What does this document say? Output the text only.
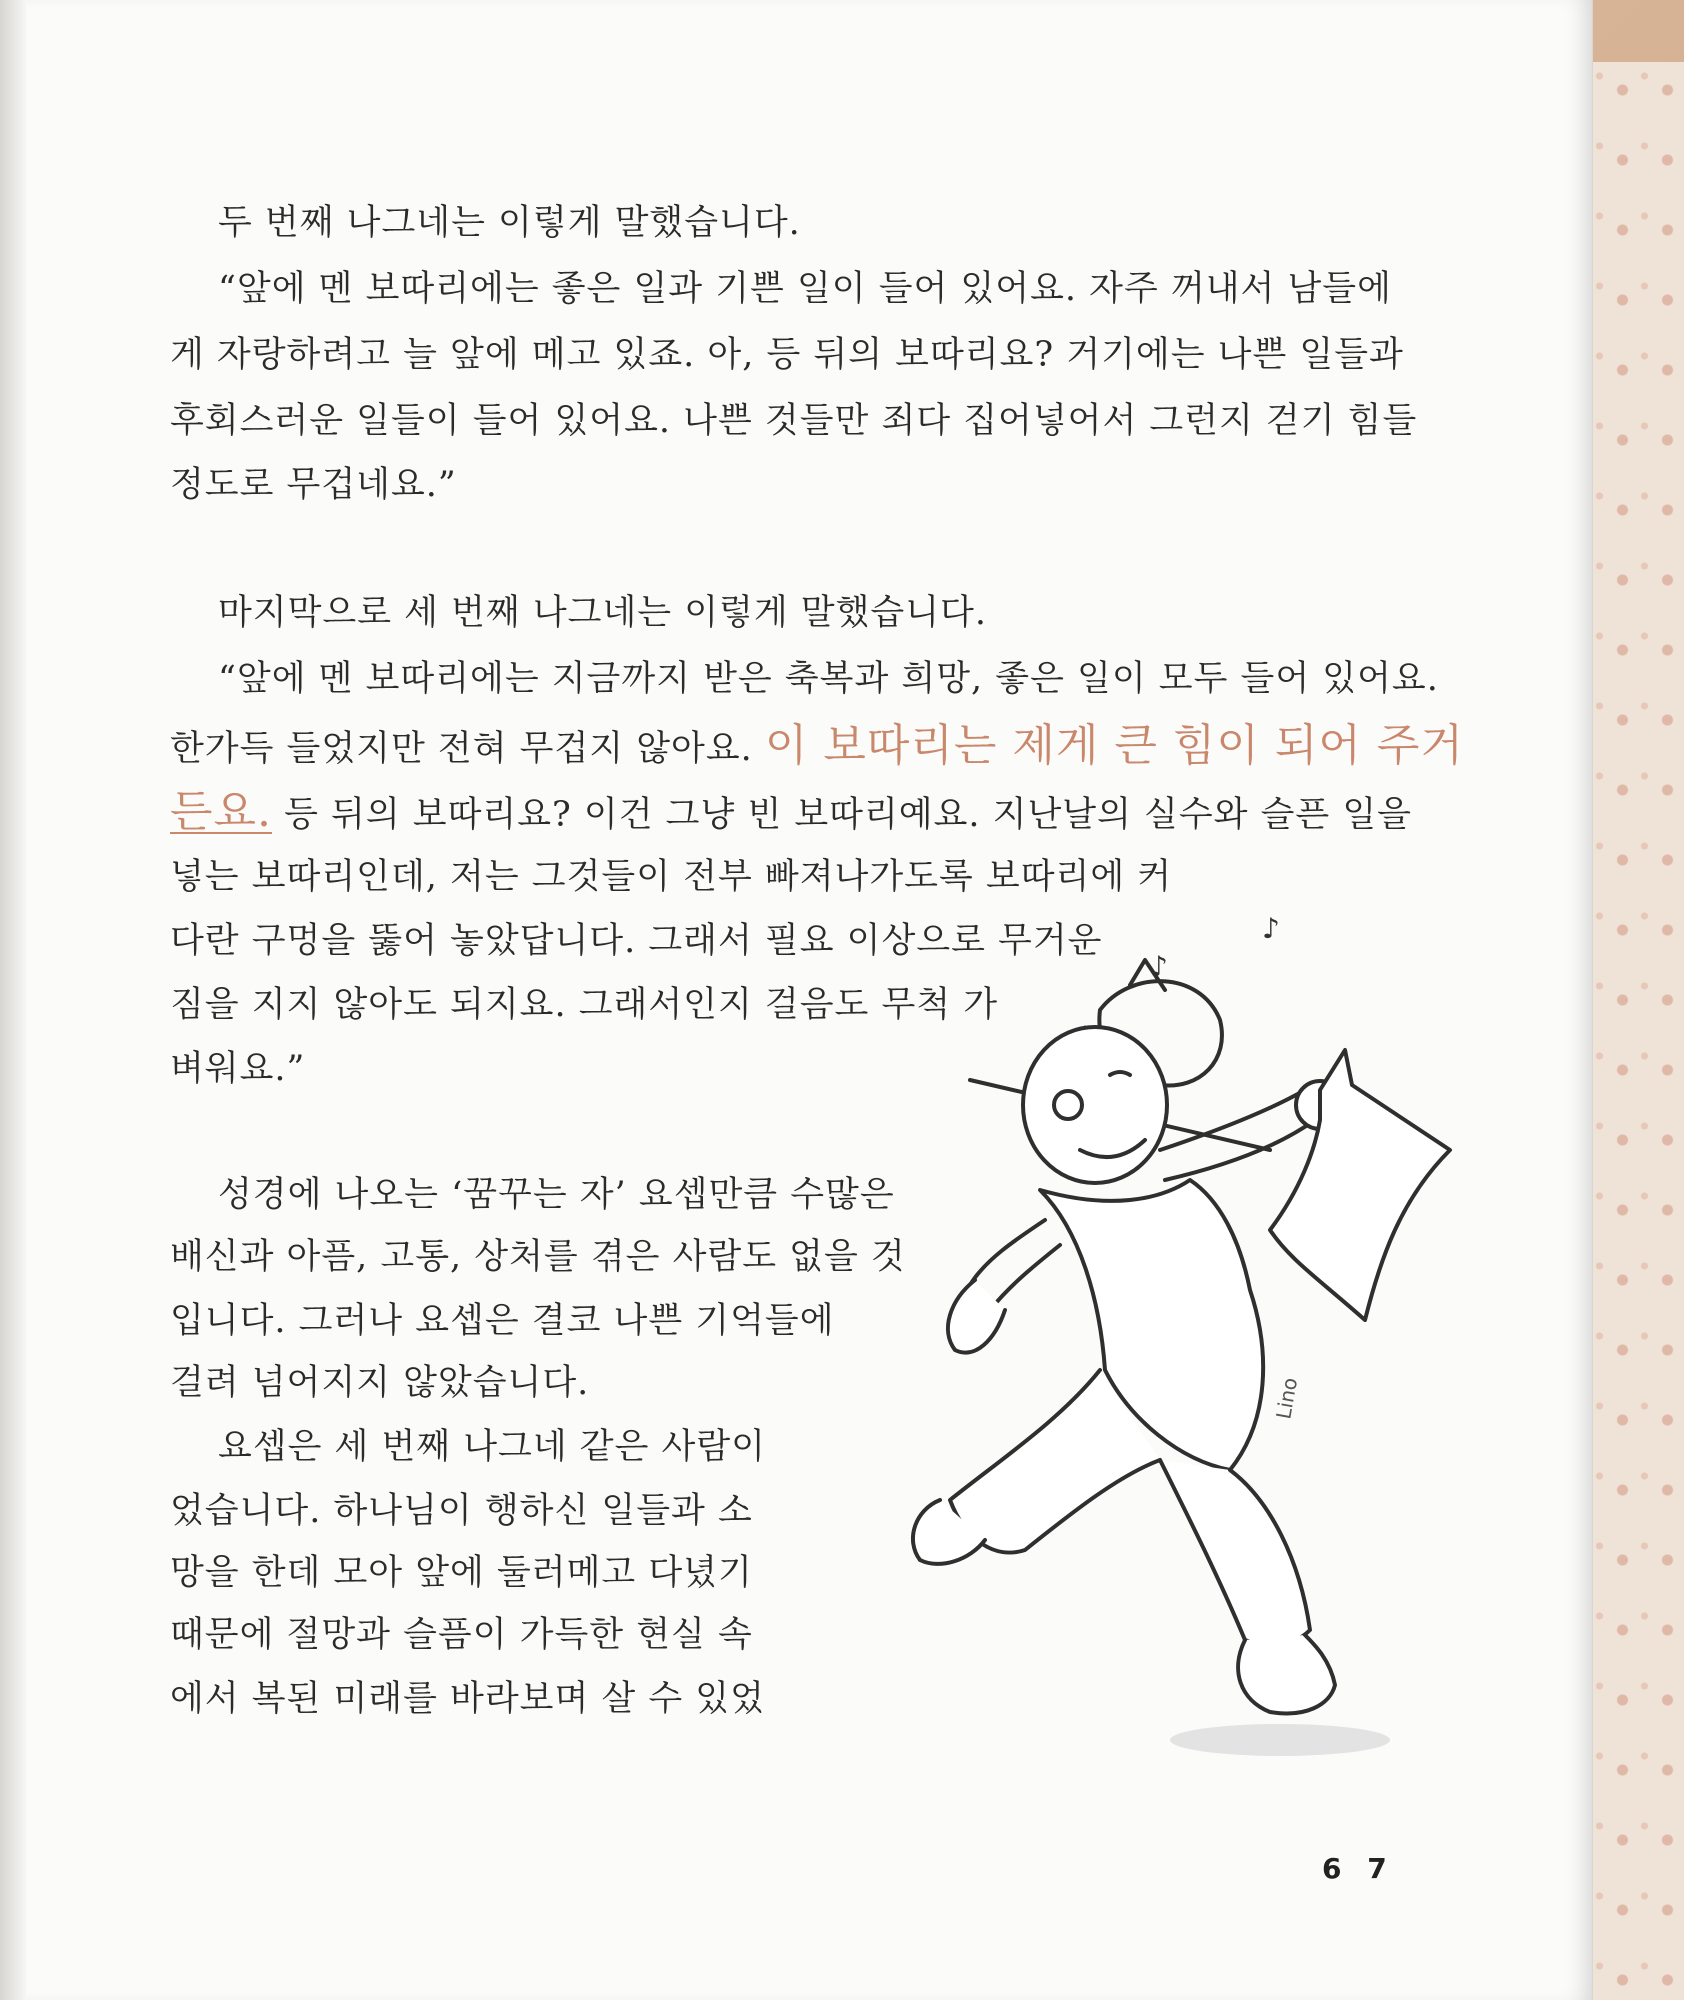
두 번째 나그네는 이렇게 말했습니다.
“앞에 멘 보따리에는 좋은 일과 기쁜 일이 들어 있어요. 자주 꺼내서 남들에
게 자랑하려고 늘 앞에 메고 있죠. 아, 등 뒤의 보따리요? 거기에는 나쁜 일들과
후회스러운 일들이 들어 있어요. 나쁜 것들만 죄다 집어넣어서 그런지 걷기 힘들
정도로 무겁네요.”
마지막으로 세 번째 나그네는 이렇게 말했습니다.
“앞에 멘 보따리에는 지금까지 받은 축복과 희망, 좋은 일이 모두 들어 있어요.
한가득 들었지만 전혀 무겁지 않아요. 이 보따리는 제게 큰 힘이 되어 주거
든요. 등 뒤의 보따리요? 이건 그냥 빈 보따리예요. 지난날의 실수와 슬픈 일을
넣는 보따리인데, 저는 그것들이 전부 빠져나가도록 보따리에 커
다란 구멍을 뚫어 놓았답니다. 그래서 필요 이상으로 무거운
짐을 지지 않아도 되지요. 그래서인지 걸음도 무척 가
벼워요.”
성경에 나오는 ‘꿈꾸는 자’ 요셉만큼 수많은
배신과 아픔, 고통, 상처를 겪은 사람도 없을 것
입니다. 그러나 요셉은 결코 나쁜 기억들에
걸려 넘어지지 않았습니다.
요셉은 세 번째 나그네 같은 사람이
었습니다. 하나님이 행하신 일들과 소
망을 한데 모아 앞에 둘러메고 다녔기
때문에 절망과 슬픔이 가득한 현실 속
에서 복된 미래를 바라보며 살 수 있었
♪
♪
Lino
6 7
